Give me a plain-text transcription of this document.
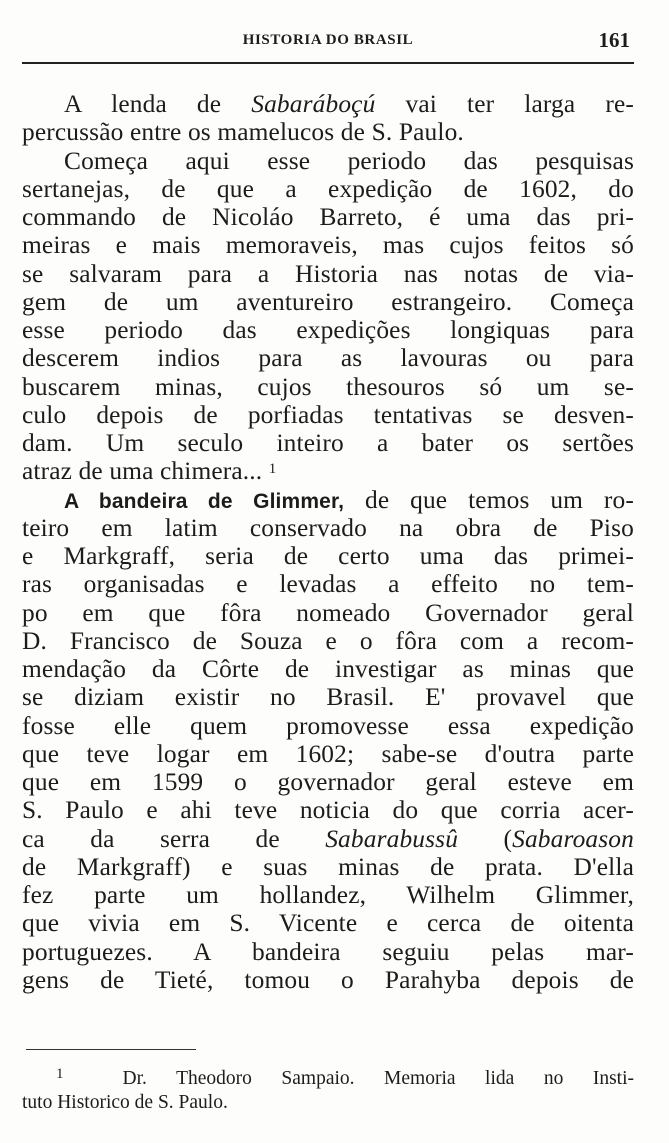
HISTORIA DO BRASIL	161
A lenda de Sabaráboçú vai ter larga re-
percussão entre os mamelucos de S. Paulo.
Começa aqui esse periodo das pesquisas
sertanejas, de que a expedição de 1602, do
commando de Nicoláo Barreto, é uma das pri-
meiras e mais memoraveis, mas cujos feitos só
se salvaram para a Historia nas notas de via-
gem de um aventureiro estrangeiro. Começa
esse periodo das expedições longiquas para
descerem indios para as lavouras ou para
buscarem minas, cujos thesouros só um se-
culo depois de porfiadas tentativas se desven-
dam. Um seculo inteiro a bater os sertões
atraz de uma chimera... $^1$
A bandeira de Glimmer, de que temos um ro-
teiro em latim conservado na obra de Piso
e Markgraff, seria de certo uma das primei-
ras organisadas e levadas a effeito no tem-
po em que fôra nomeado Governador geral
D. Francisco de Souza e o fôra com a recom-
mendação da Côrte de investigar as minas que
se diziam existir no Brasil. E' provavel que
fosse elle quem promovesse essa expedição
que teve logar em 1602; sabe-se d'outra parte
que em 1599 o governador geral esteve em
S. Paulo e ahi teve noticia do que corria acer-
ca da serra de Sabarabussû (Sabaroason
de Markgraff) e suas minas de prata. D'ella
fez parte um hollandez, Wilhelm Glimmer,
que vivia em S. Vicente e cerca de oitenta
portuguezes. A bandeira seguiu pelas mar-
gens de Tieté, tomou o Parahyba depois de
$^1$	Dr. Theodoro Sampaio. Memoria lida no Insti-
tuto Historico de S. Paulo.
